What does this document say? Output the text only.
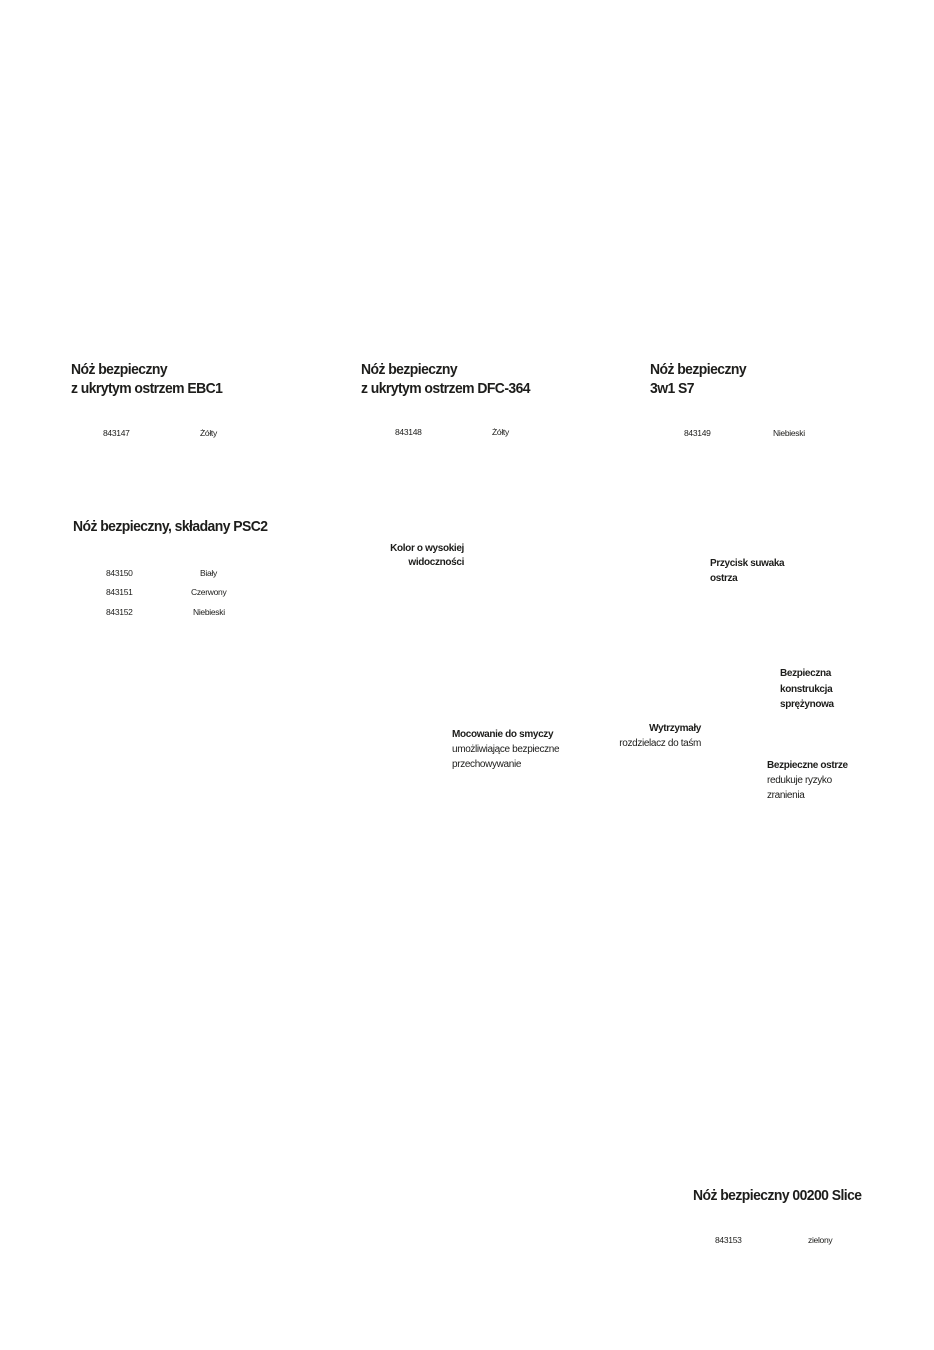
Nóż bezpieczny
z ukrytym ostrzem EBC1
843147	Żółty
Nóż bezpieczny
z ukrytym ostrzem DFC-364
843148	Żółty
Nóż bezpieczny
3w1 S7
843149	Niebieski
Nóż bezpieczny, składany PSC2
843150	Biały
843151	Czerwony
843152	Niebieski
Kolor o wysokiej
widoczności	Przycisk suwaka
ostrza
Bezpieczna
konstrukcja
sprężynowa
Mocowanie do smyczy
umożliwiające bezpieczne
przechowywanie
Wytrzymały
rozdzielacz do taśm
Bezpieczne ostrze
redukuje ryzyko
zranienia
Nóż bezpieczny 00200 Slice
843153	zielony
